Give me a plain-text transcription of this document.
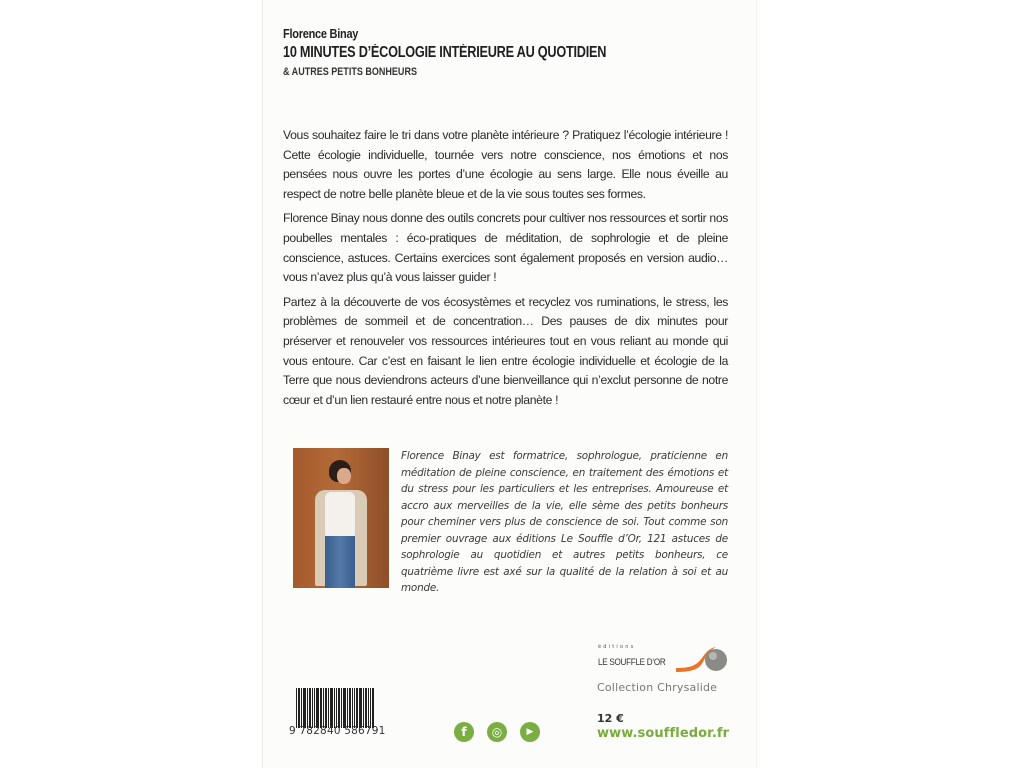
Florence Binay
10 MINUTES D’ÉCOLOGIE INTÉRIEURE AU QUOTIDIEN
& AUTRES PETITS BONHEURS

Vous souhaitez faire le tri dans votre planète intérieure ? Pratiquez l’écologie intérieure ! Cette écologie individuelle, tournée vers notre conscience, nos émotions et nos pensées nous ouvre les portes d’une écologie au sens large. Elle nous éveille au respect de notre belle planète bleue et de la vie sous toutes ses formes.

Florence Binay nous donne des outils concrets pour cultiver nos ressources et sortir nos poubelles mentales : éco-pratiques de méditation, de sophrologie et de pleine conscience, astuces. Certains exercices sont également proposés en version audio… vous n’avez plus qu’à vous laisser guider !

Partez à la découverte de vos écosystèmes et recyclez vos ruminations, le stress, les problèmes de sommeil et de concentration… Des pauses de dix minutes pour préserver et renouveler vos ressources intérieures tout en vous reliant au monde qui vous entoure. Car c’est en faisant le lien entre écologie individuelle et écologie de la Terre que nous deviendrons acteurs d’une bienveillance qui n’exclut personne de notre cœur et d’un lien restauré entre nous et notre planète !

Florence Binay est formatrice, sophrologue, praticienne en méditation de pleine conscience, en traitement des émotions et du stress pour les particuliers et les entreprises. Amoureuse et accro aux merveilles de la vie, elle sème des petits bonheurs pour cheminer vers plus de conscience de soi. Tout comme son premier ouvrage aux éditions Le Souffle d’Or, 121 astuces de sophrologie au quotidien et autres petits bonheurs, ce quatrième livre est axé sur la qualité de la relation à soi et au monde.
éditions
LE SOUFFLE D’OR
Collection Chrysalide
12 €
www.souffledor.fr
9 782840 586791	f	◎	▶
